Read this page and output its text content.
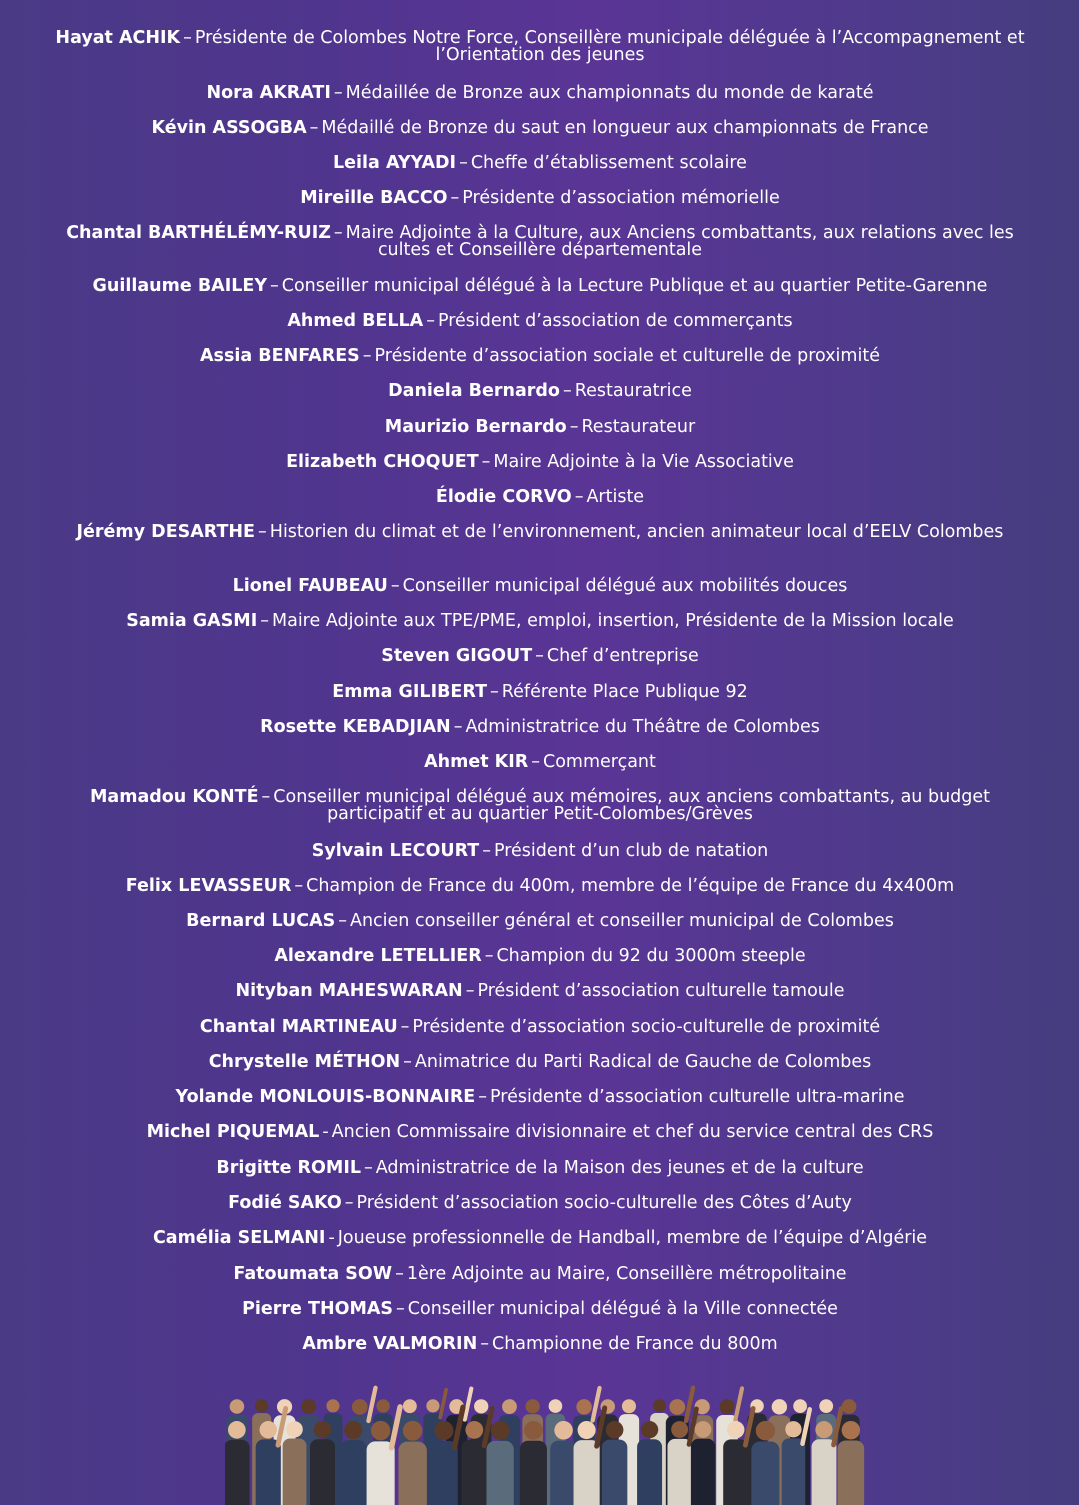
Hayat ACHIK – Présidente de Colombes Notre Force, Conseillère municipale déléguée à l’Accompagnement et l’Orientation des jeunes
Nora AKRATI – Médaillée de Bronze aux championnats du monde de karaté
Kévin ASSOGBA – Médaillé de Bronze du saut en longueur aux championnats de France
Leila AYYADI – Cheffe d’établissement scolaire
Mireille BACCO – Présidente d’association mémorielle
Chantal BARTHÉLÉMY-RUIZ – Maire Adjointe à la Culture, aux Anciens combattants, aux relations avec les cultes et Conseillère départementale
Guillaume BAILEY – Conseiller municipal délégué à la Lecture Publique et au quartier Petite-Garenne
Ahmed BELLA – Président d’association de commerçants
Assia BENFARES – Présidente d’association sociale et culturelle de proximité
Daniela Bernardo – Restauratrice
Maurizio Bernardo – Restaurateur
Elizabeth CHOQUET – Maire Adjointe à la Vie Associative
Élodie CORVO – Artiste
Jérémy DESARTHE – Historien du climat et de l’environnement, ancien animateur local d’EELV Colombes
Lionel FAUBEAU – Conseiller municipal délégué aux mobilités douces
Samia GASMI – Maire Adjointe aux TPE/PME, emploi, insertion, Présidente de la Mission locale
Steven GIGOUT – Chef d’entreprise
Emma GILIBERT – Référente Place Publique 92
Rosette KEBADJIAN – Administratrice du Théâtre de Colombes
Ahmet KIR – Commerçant
Mamadou KONTÉ – Conseiller municipal délégué aux mémoires, aux anciens combattants, au budget participatif et au quartier Petit-Colombes/Grèves
Sylvain LECOURT – Président d’un club de natation
Felix LEVASSEUR – Champion de France du 400m, membre de l’équipe de France du 4x400m
Bernard LUCAS – Ancien conseiller général et conseiller municipal de Colombes
Alexandre LETELLIER – Champion du 92 du 3000m steeple
Nityban MAHESWARAN – Président d’association culturelle tamoule
Chantal MARTINEAU – Présidente d’association socio-culturelle de proximité
Chrystelle MÉTHON – Animatrice du Parti Radical de Gauche de Colombes
Yolande MONLOUIS-BONNAIRE – Présidente d’association culturelle ultra-marine
Michel PIQUEMAL - Ancien Commissaire divisionnaire et chef du service central des CRS
Brigitte ROMIL – Administratrice de la Maison des jeunes et de la culture
Fodié SAKO – Président d’association socio-culturelle des Côtes d’Auty
Camélia SELMANI - Joueuse professionnelle de Handball, membre de l’équipe d’Algérie
Fatoumata SOW – 1ère Adjointe au Maire, Conseillère métropolitaine
Pierre THOMAS – Conseiller municipal délégué à la Ville connectée
Ambre VALMORIN – Championne de France du 800m
